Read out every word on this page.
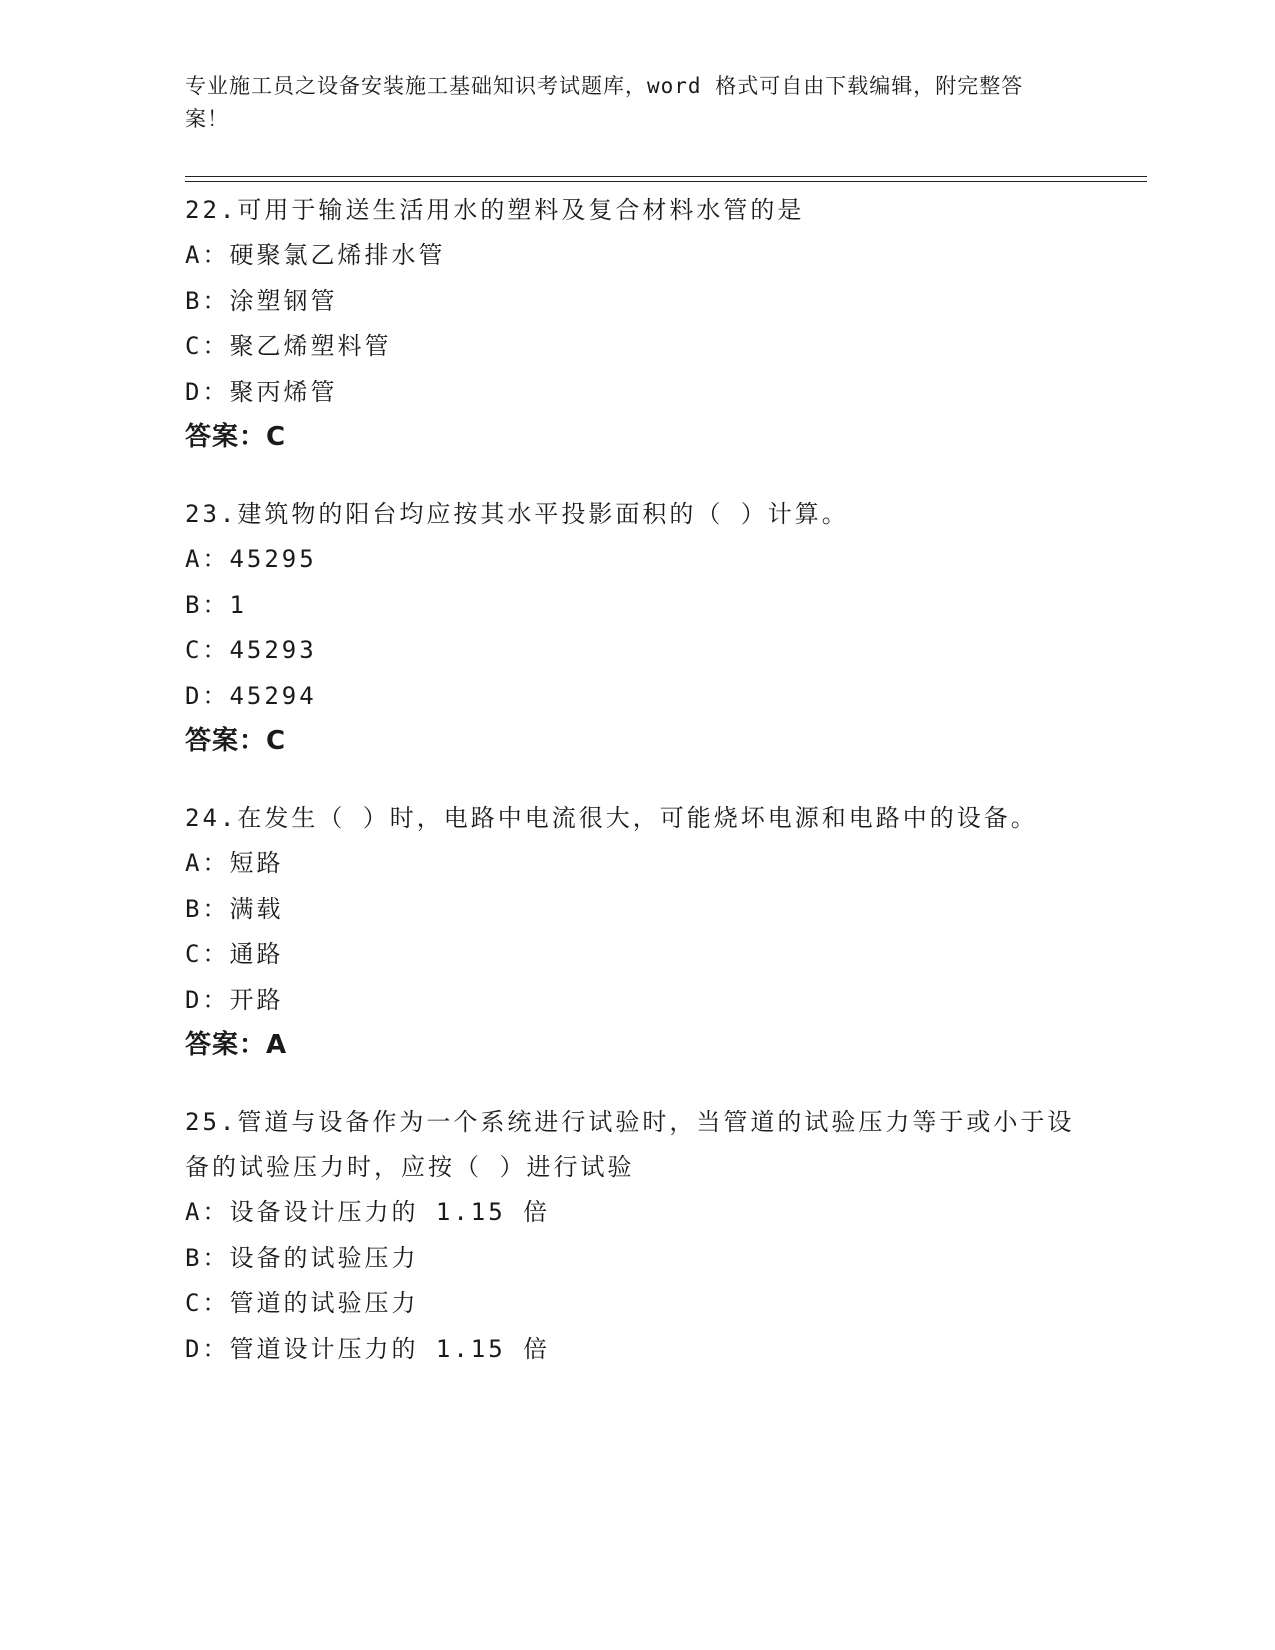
专业施工员之设备安装施工基础知识考试题库，word 格式可自由下载编辑，附完整答案！
22.可用于输送生活用水的塑料及复合材料水管的是
A：硬聚氯乙烯排水管
B：涂塑钢管
C：聚乙烯塑料管
D：聚丙烯管
答案：C
23.建筑物的阳台均应按其水平投影面积的（ ）计算。
A：45295
B：1
C：45293
D：45294
答案：C
24.在发生（ ）时，电路中电流很大，可能烧坏电源和电路中的设备。
A：短路
B：满载
C：通路
D：开路
答案：A
25.管道与设备作为一个系统进行试验时，当管道的试验压力等于或小于设备的试验压力时，应按（ ）进行试验
A：设备设计压力的 1.15 倍
B：设备的试验压力
C：管道的试验压力
D：管道设计压力的 1.15 倍
